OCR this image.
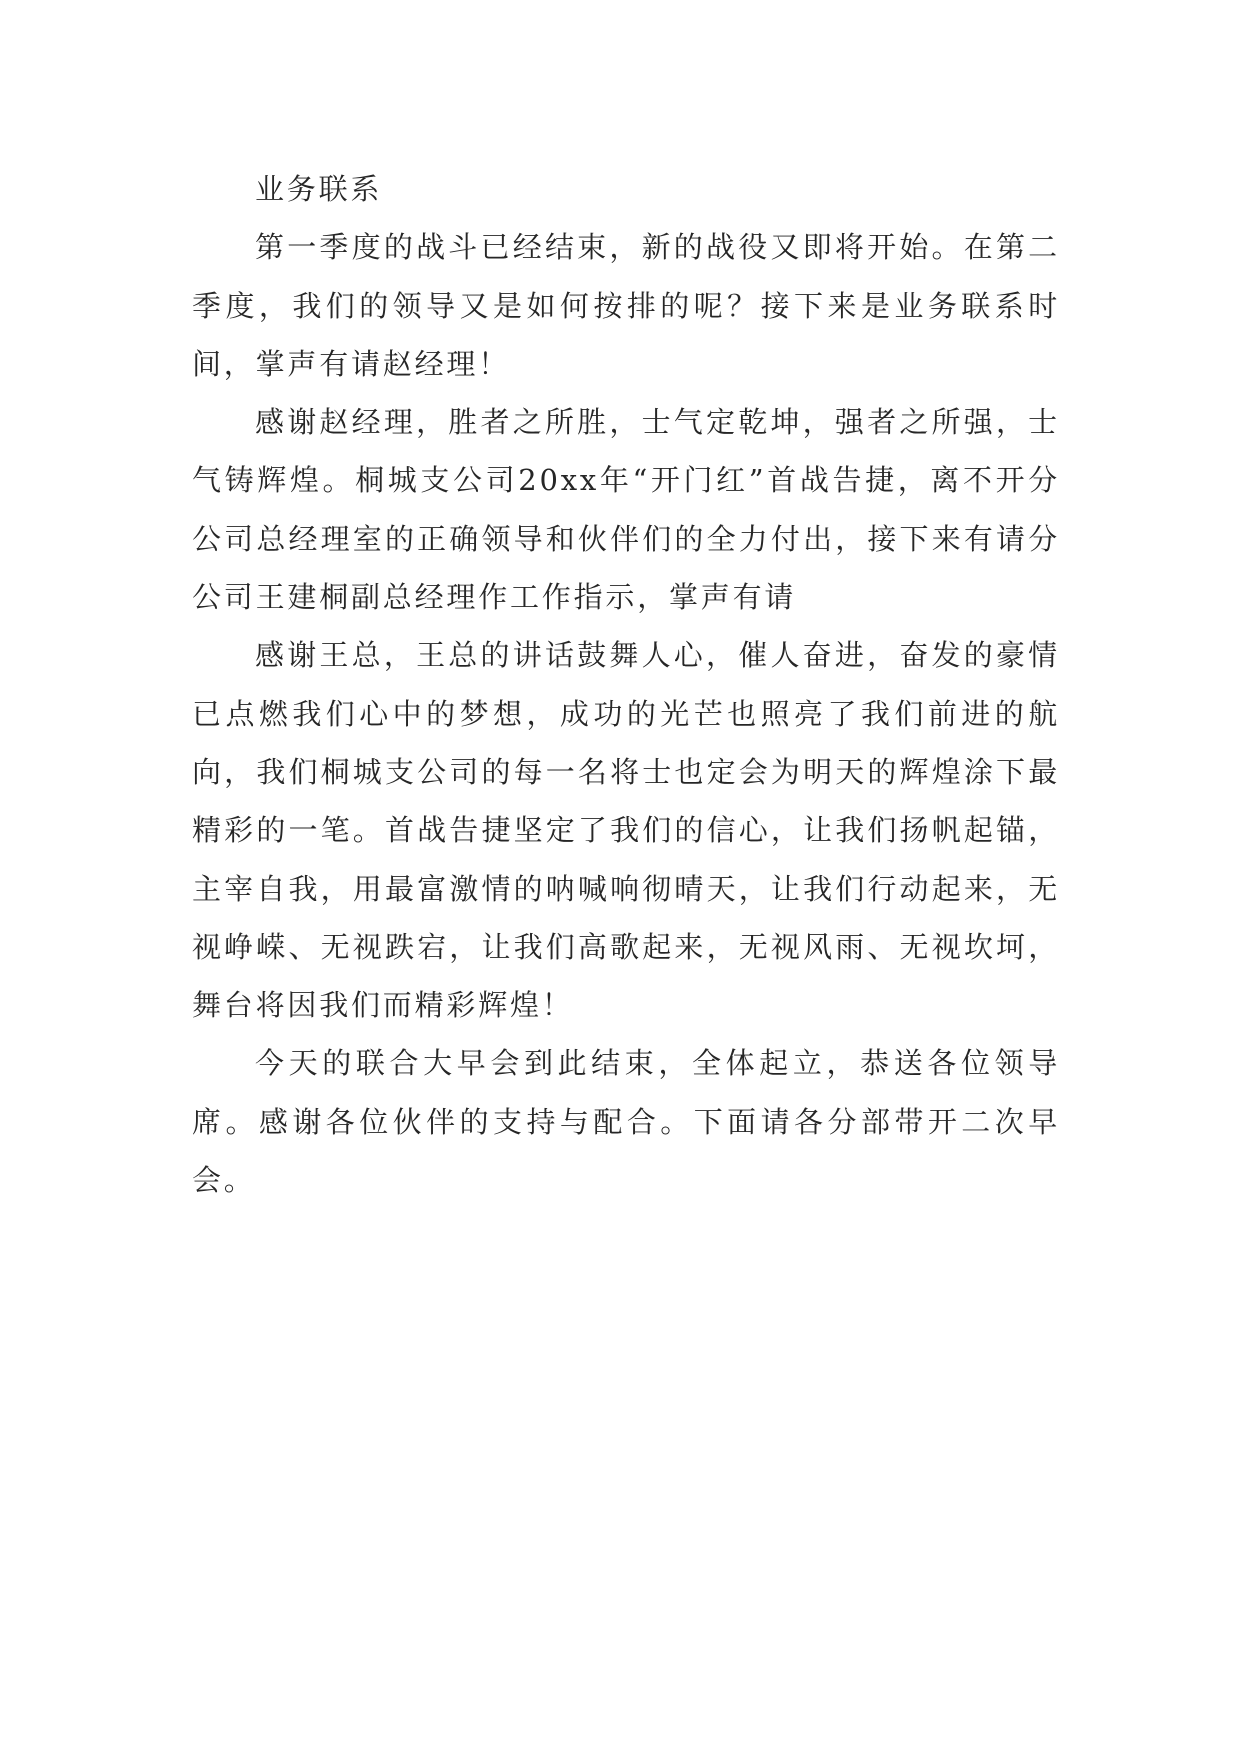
业务联系

第一季度的战斗已经结束，新的战役又即将开始。在第二季度，我们的领导又是如何按排的呢？接下来是业务联系时间，掌声有请赵经理！

感谢赵经理，胜者之所胜，士气定乾坤，强者之所强，士气铸辉煌。桐城支公司20xx年“开门红”首战告捷，离不开分公司总经理室的正确领导和伙伴们的全力付出，接下来有请分公司王建桐副总经理作工作指示，掌声有请

感谢王总，王总的讲话鼓舞人心，催人奋进，奋发的豪情已点燃我们心中的梦想，成功的光芒也照亮了我们前进的航向，我们桐城支公司的每一名将士也定会为明天的辉煌涂下最精彩的一笔。首战告捷坚定了我们的信心，让我们扬帆起锚，主宰自我，用最富激情的呐喊响彻晴天，让我们行动起来，无视峥嵘、无视跌宕，让我们高歌起来，无视风雨、无视坎坷，舞台将因我们而精彩辉煌！

今天的联合大早会到此结束，全体起立，恭送各位领导席。感谢各位伙伴的支持与配合。下面请各分部带开二次早会。
